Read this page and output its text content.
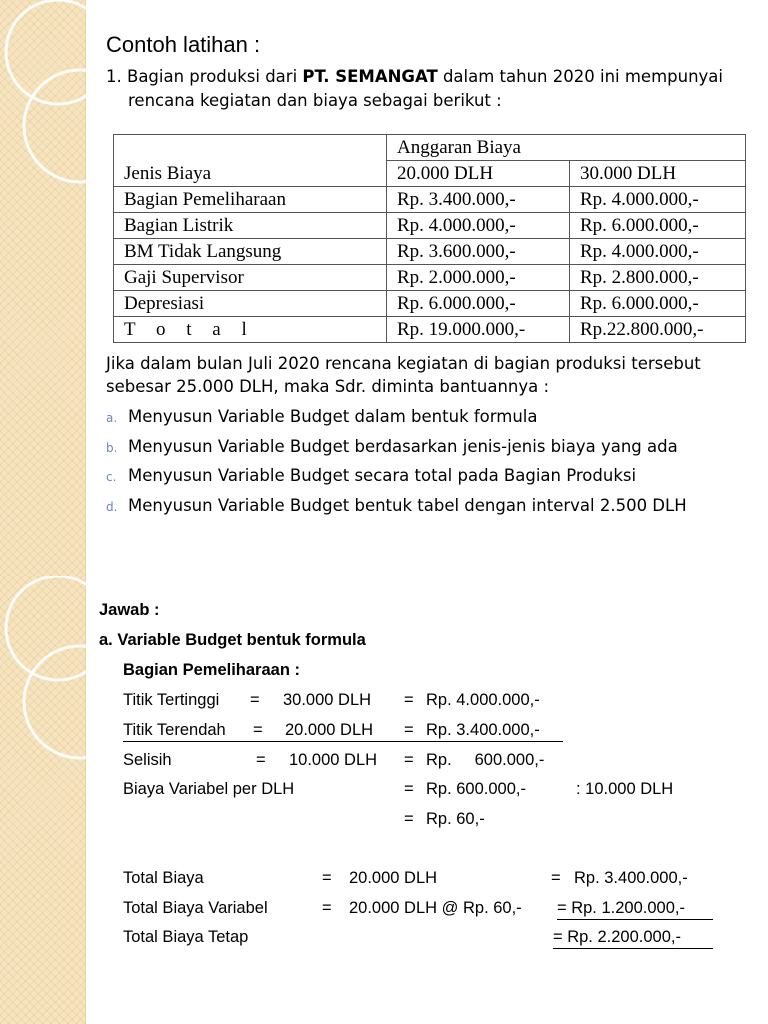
Contoh latihan :
1. Bagian produksi dari PT. SEMANGAT dalam tahun 2020 ini mempunyai
rencana kegiatan dan biaya sebagai berikut :
Jenis Biaya	Anggaran Biaya	
	20.000 DLH	30.000 DLH
Bagian Pemeliharaan	Rp. 3.400.000,-	Rp. 4.000.000,-
Bagian Listrik	Rp. 4.000.000,-	Rp. 6.000.000,-
BM Tidak Langsung	Rp. 3.600.000,-	Rp. 4.000.000,-
Gaji Supervisor	Rp. 2.000.000,-	Rp. 2.800.000,-
Depresiasi	Rp. 6.000.000,-	Rp. 6.000.000,-
T o t a l	Rp. 19.000.000,-	Rp.22.800.000,-
Jika dalam bulan Juli 2020 rencana kegiatan di bagian produksi tersebut
sebesar 25.000 DLH, maka Sdr. diminta bantuannya :
a. Menyusun Variable Budget dalam bentuk formula
b. Menyusun Variable Budget berdasarkan jenis-jenis biaya yang ada
c. Menyusun Variable Budget secara total pada Bagian Produksi
d. Menyusun Variable Budget bentuk tabel dengan interval 2.500 DLH
Jawab :
a. Variable Budget bentuk formula
Bagian Pemeliharaan :
Titik Tertinggi = 30.000 DLH = Rp. 4.000.000,-
Titik Terendah = 20.000 DLH = Rp. 3.400.000,-
Selisih	= 10.000 DLH = Rp.     600.000,-
Biaya Variabel per DLH	= Rp. 600.000,-	: 10.000 DLH
= Rp. 60,-
Total Biaya	= 20.000 DLH	= Rp. 3.400.000,-
Total Biaya Variabel	= 20.000 DLH @ Rp. 60,- = Rp. 1.200.000,-
Total Biaya Tetap	= Rp. 2.200.000,-
